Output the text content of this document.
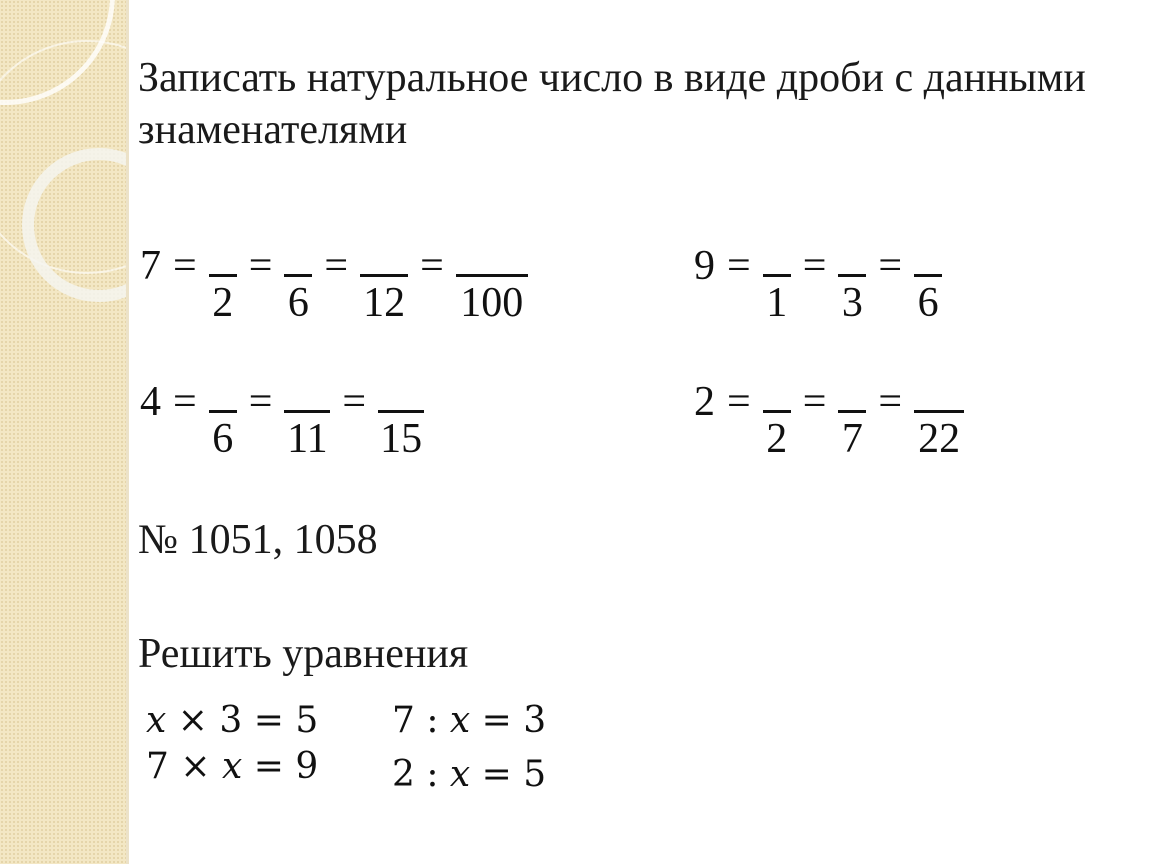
Записать натуральное число в виде дроби с данными знаменателями
7 =
2
=
6
=
12
=
100
9 =
1
=
3
=
6
4 =
6
=
11
=
15
2 =
2
=
7
=
22
№ 1051, 1058
Решить уравнения
x × 3 = 5 7 : x = 3
7 × x = 9 2 : x = 5
